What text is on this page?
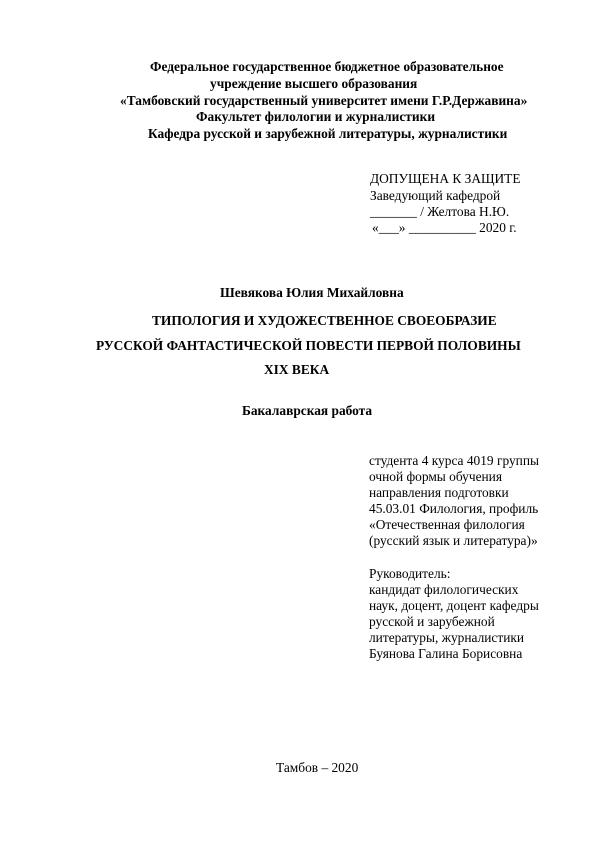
Федеральное государственное бюджетное образовательное
учреждение высшего образования
«Тамбовский государственный университет имени Г.Р.Державина»
Факультет филологии и журналистики
Кафедра русской и зарубежной литературы, журналистики
ДОПУЩЕНА К ЗАЩИТЕ
Заведующий кафедрой
_______ / Желтова Н.Ю.
«___» __________ 2020 г.
Шевякова Юлия Михайловна
ТИПОЛОГИЯ И ХУДОЖЕСТВЕННОЕ СВОЕОБРАЗИЕ
РУССКОЙ ФАНТАСТИЧЕСКОЙ ПОВЕСТИ ПЕРВОЙ ПОЛОВИНЫ
XIX ВЕКА
Бакалаврская работа
студента 4 курса 4019 группы
очной формы обучения
направления подготовки
45.03.01 Филология, профиль
«Отечественная филология
(русский язык и литература)»
Руководитель:
кандидат филологических
наук, доцент, доцент кафедры
русской и зарубежной
литературы, журналистики
Буянова Галина Борисовна
Тамбов – 2020
